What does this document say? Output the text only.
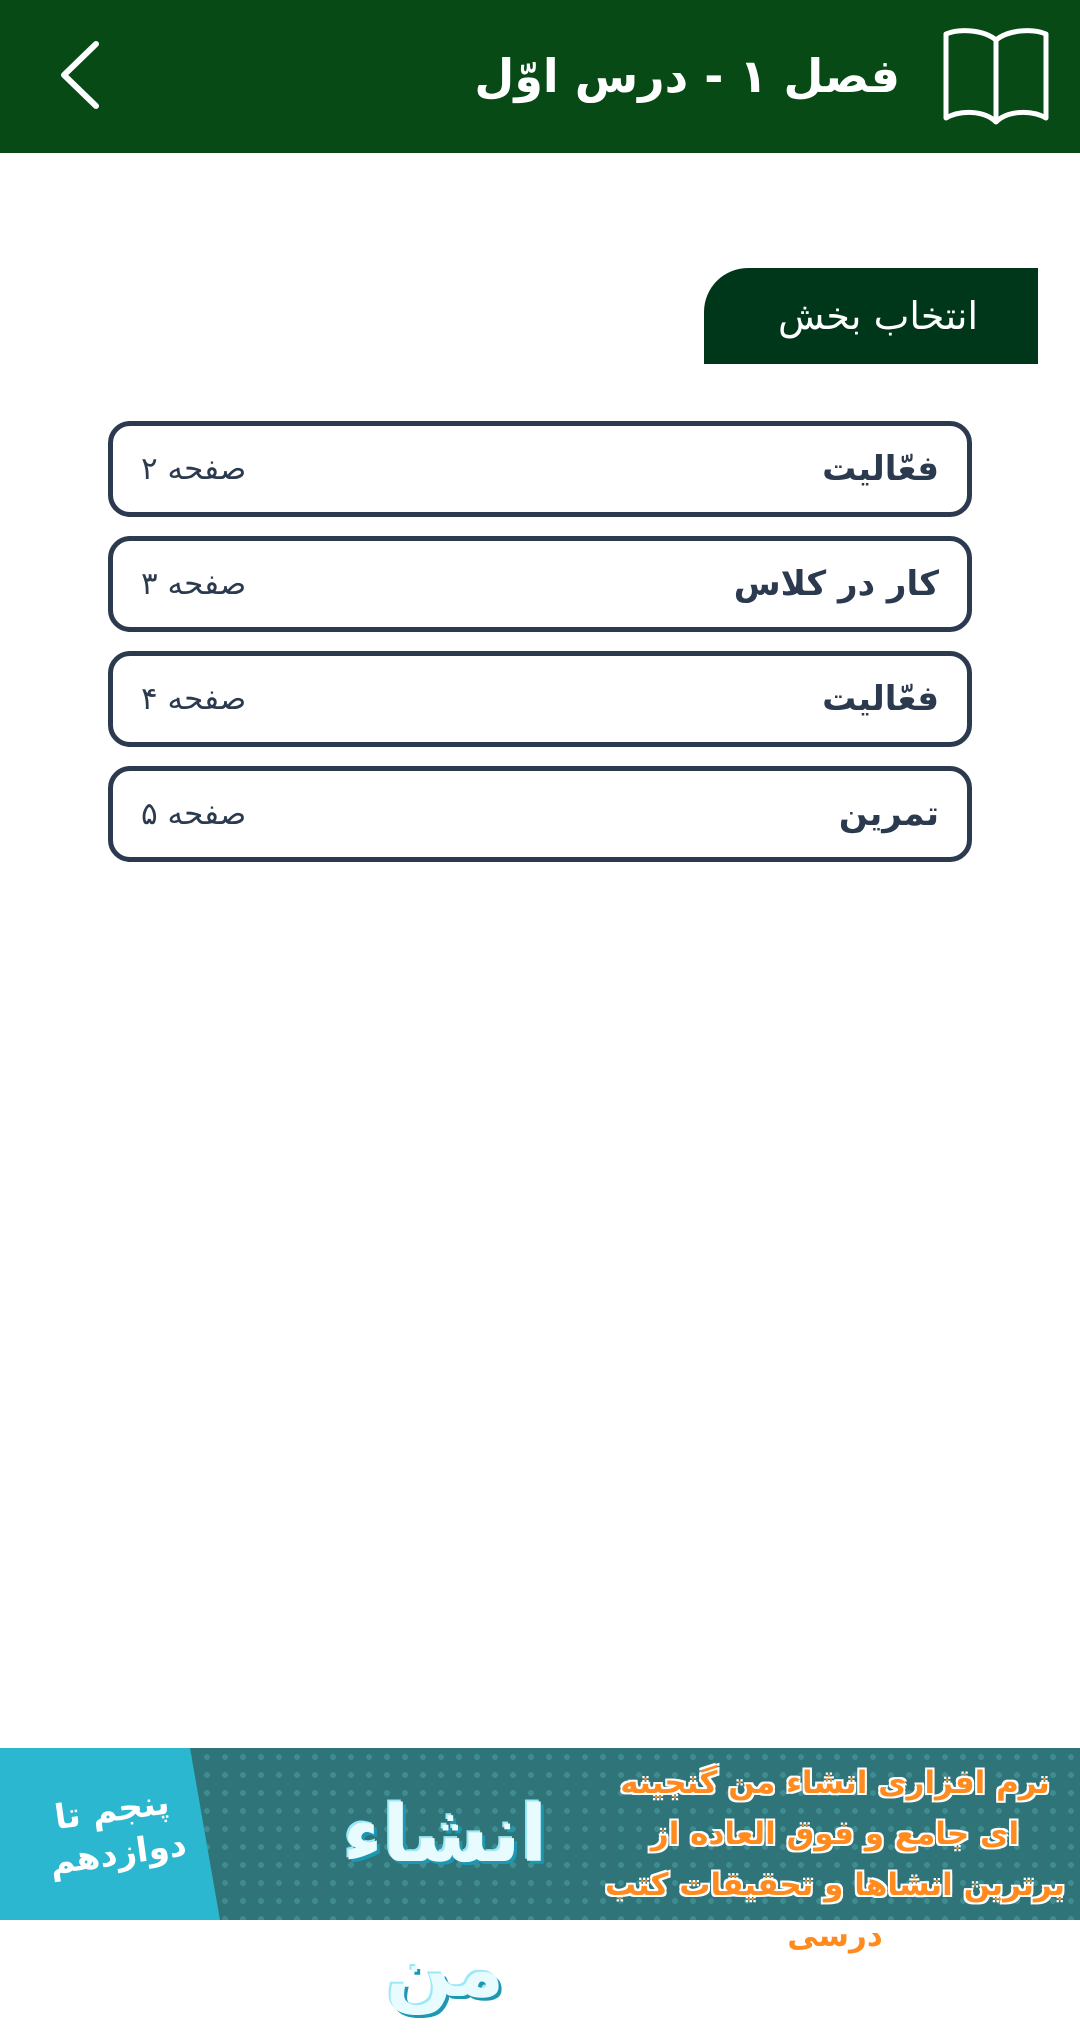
فصل ۱ - درس اوّل
انتخاب بخش
فعّالیت
صفحه ۲
کار در کلاس
صفحه ۳
فعّالیت
صفحه ۴
تمرین
صفحه ۵
پنجم تا
دوازدهم	انشاء من
نرم افزاری انشاء من گنجینه ای جامع و فوق العاده از برترین انشاها و تحقیقات کتب درسی
